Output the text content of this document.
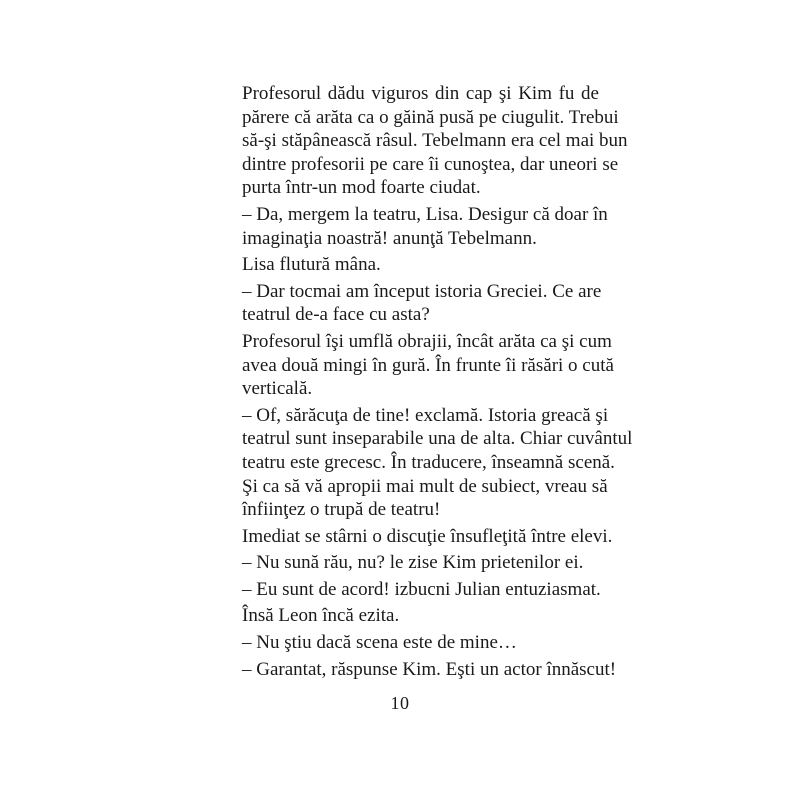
Profesorul dădu viguros din cap şi Kim fu de
părere că arăta ca o găină pusă pe ciugulit. Trebui
să-şi stăpânească râsul. Tebelmann era cel mai bun
dintre profesorii pe care îi cunoştea, dar uneori se
purta într-un mod foarte ciudat.

– Da, mergem la teatru, Lisa. Desigur că doar în
imaginaţia noastră! anunţă Tebelmann.

Lisa flutură mâna.

– Dar tocmai am început istoria Greciei. Ce are
teatrul de-a face cu asta?

Profesorul îşi umflă obrajii, încât arăta ca şi cum
avea două mingi în gură. În frunte îi răsări o cută
verticală.

– Of, sărăcuţa de tine! exclamă. Istoria greacă şi
teatrul sunt inseparabile una de alta. Chiar cuvântul
teatru este grecesc. În traducere, înseamnă scenă.
Şi ca să vă apropii mai mult de subiect, vreau să
înfiinţez o trupă de teatru!

Imediat se stârni o discuţie însufleţită între elevi.

– Nu sună rău, nu? le zise Kim prietenilor ei.

– Eu sunt de acord! izbucni Julian entuziasmat.

Însă Leon încă ezita.

– Nu ştiu dacă scena este de mine…

– Garantat, răspunse Kim. Eşti un actor înnăscut!

10
